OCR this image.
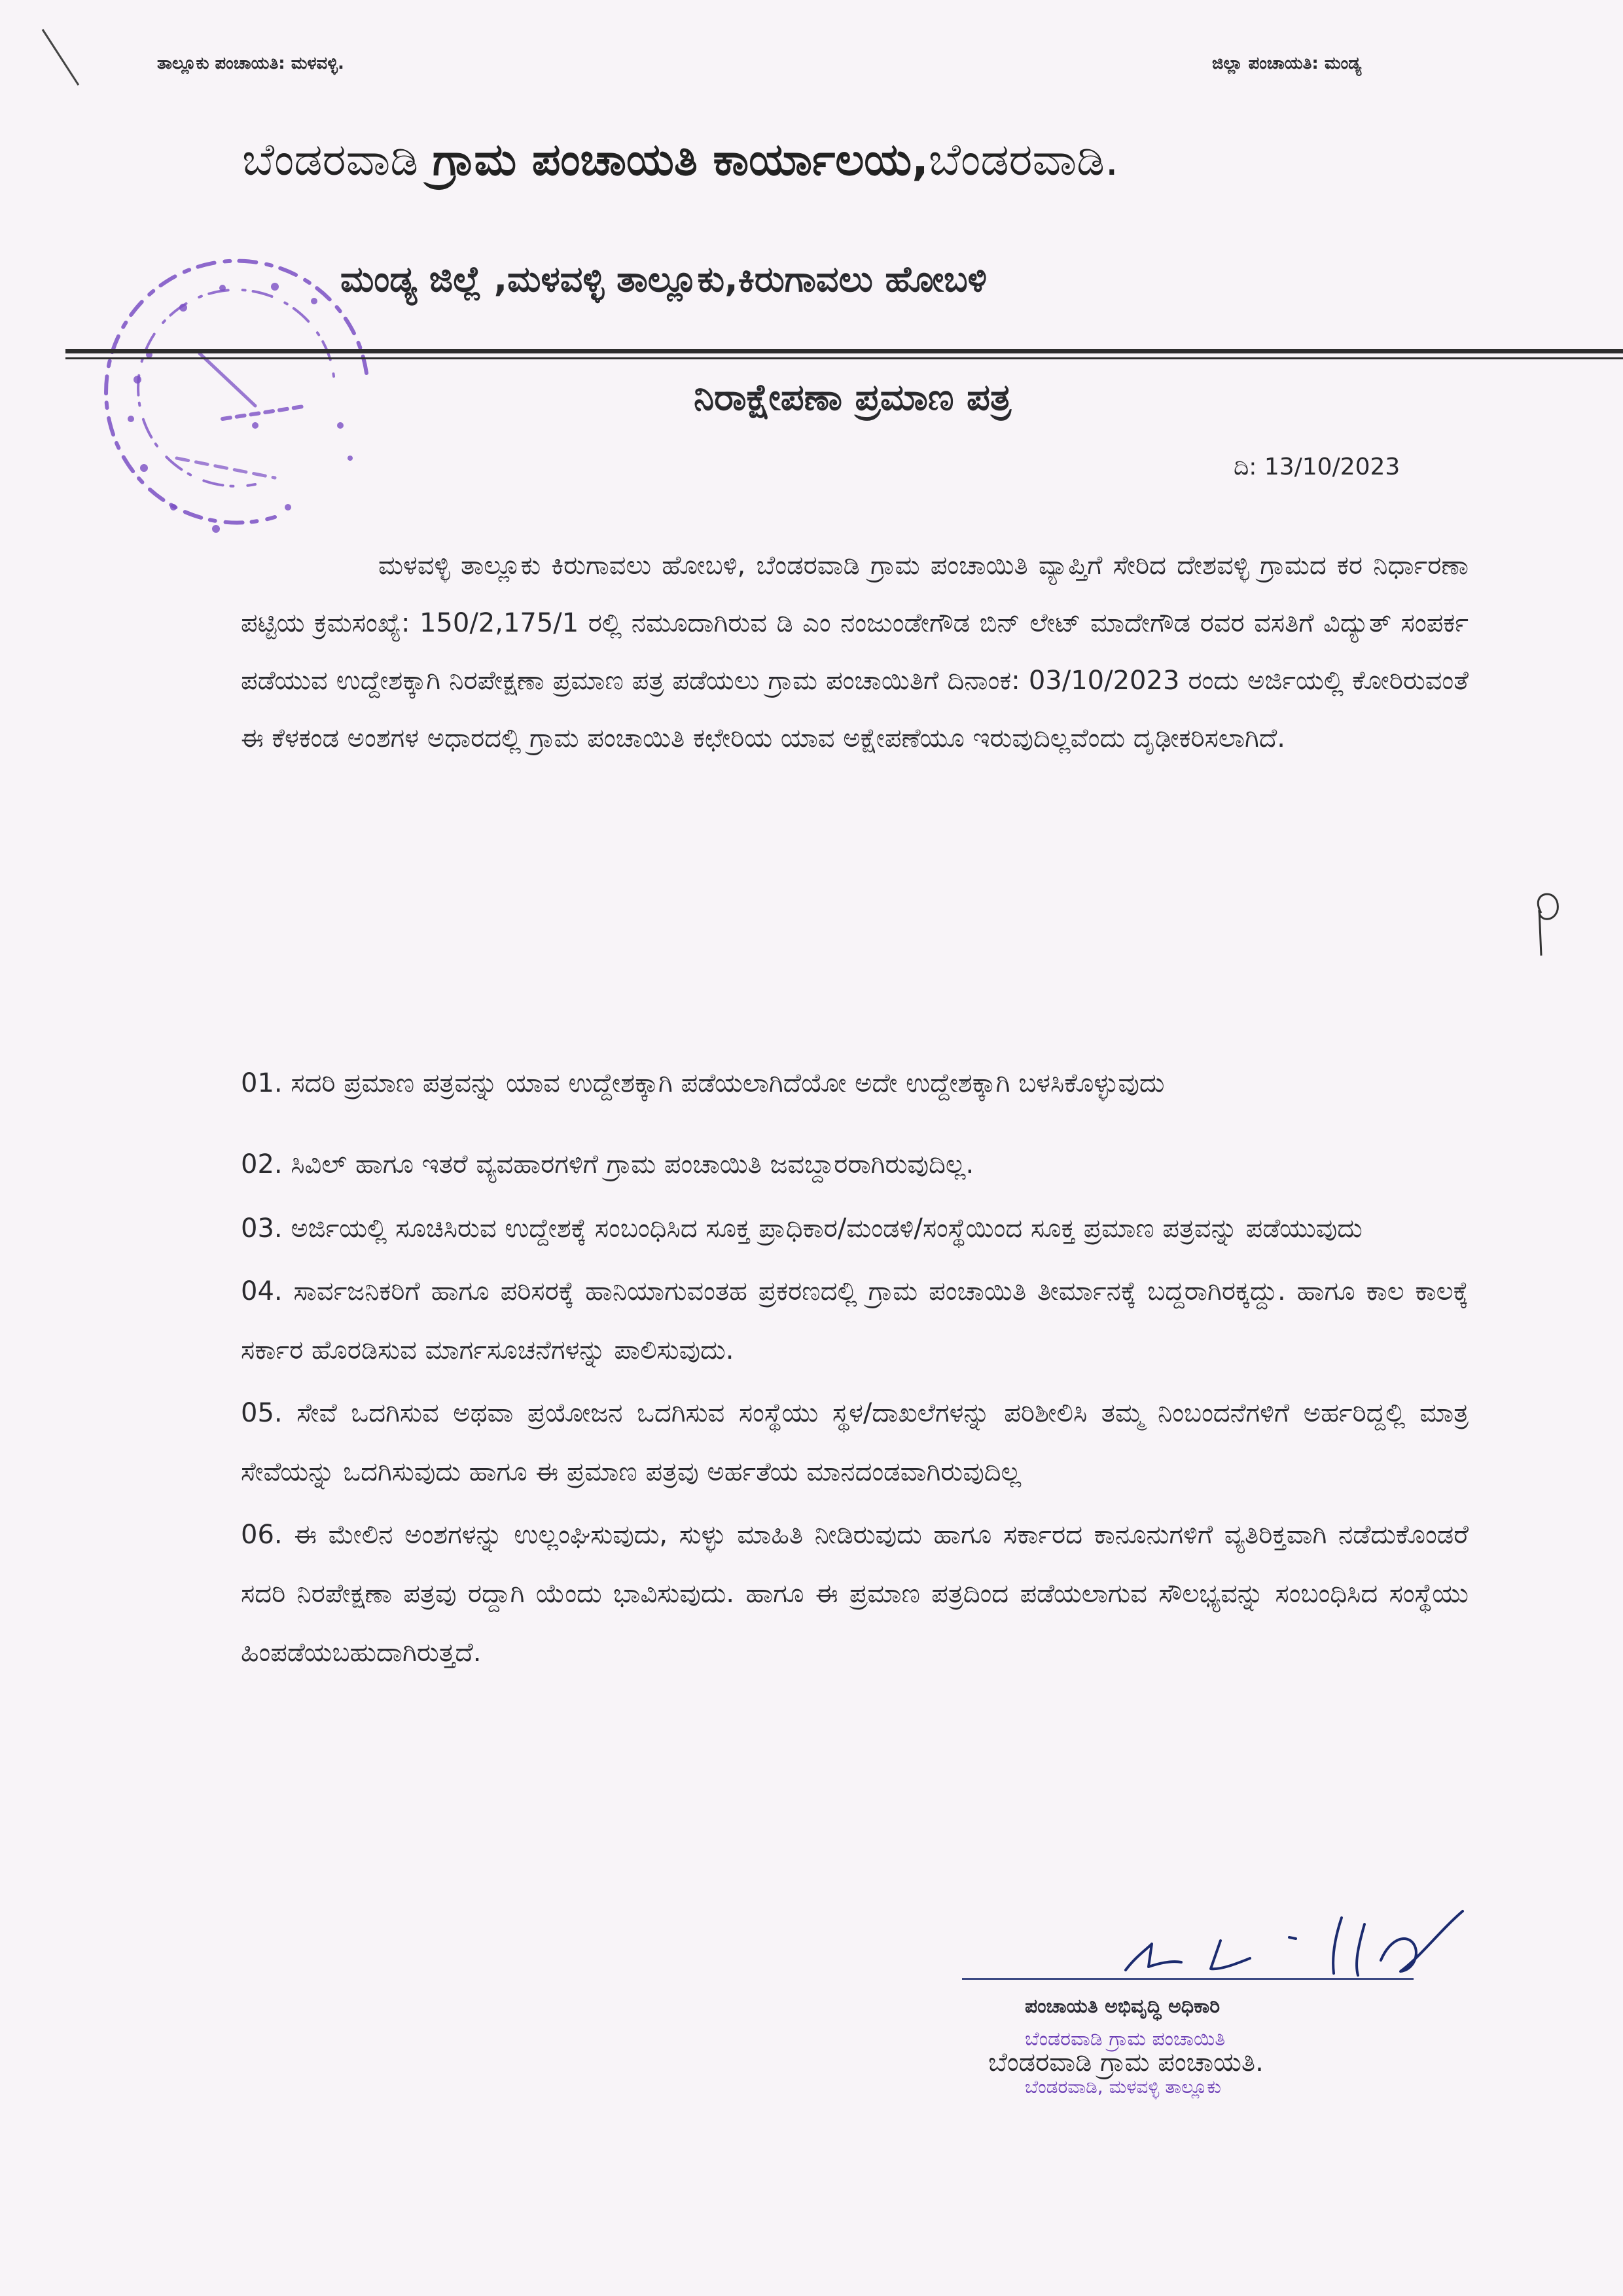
ತಾಲ್ಲೂಕು ಪಂಚಾಯತಿ: ಮಳವಳ್ಳಿ.	ಜಿಲ್ಲಾ ಪಂಚಾಯತಿ: ಮಂಡ್ಯ
ಬೆಂಡರವಾಡಿ ಗ್ರಾಮ ಪಂಚಾಯತಿ ಕಾರ್ಯಾಲಯ,ಬೆಂಡರವಾಡಿ.
ಮಂಡ್ಯ ಜಿಲ್ಲೆ ,ಮಳವಳ್ಳಿ ತಾಲ್ಲೂಕು,ಕಿರುಗಾವಲು ಹೋಬಳಿ
ನಿರಾಕ್ಷೇಪಣಾ ಪ್ರಮಾಣ ಪತ್ರ
ದಿ: 13/10/2023

ಮಳವಳ್ಳಿ ತಾಲ್ಲೂಕು ಕಿರುಗಾವಲು ಹೋಬಳಿ, ಬೆಂಡರವಾಡಿ ಗ್ರಾಮ ಪಂಚಾಯಿತಿ ವ್ಯಾಪ್ತಿಗೆ ಸೇರಿದ ದೇಶವಳ್ಳಿ ಗ್ರಾಮದ ಕರ ನಿರ್ಧಾರಣಾ ಪಟ್ಟಿಯ ಕ್ರಮಸಂಖ್ಯೆ: 150/2,175/1 ರಲ್ಲಿ ನಮೂದಾಗಿರುವ ಡಿ ಎಂ ನಂಜುಂಡೇಗೌಡ ಬಿನ್ ಲೇಟ್ ಮಾದೇಗೌಡ ರವರ ವಸತಿಗೆ ವಿದ್ಯುತ್ ಸಂಪರ್ಕ ಪಡೆಯುವ ಉದ್ದೇಶಕ್ಕಾಗಿ ನಿರಪೇಕ್ಷಣಾ ಪ್ರಮಾಣ ಪತ್ರ ಪಡೆಯಲು ಗ್ರಾಮ ಪಂಚಾಯಿತಿಗೆ ದಿನಾಂಕ: 03/10/2023 ರಂದು ಅರ್ಜಿಯಲ್ಲಿ ಕೋರಿರುವಂತೆ ಈ ಕೆಳಕಂಡ ಅಂಶಗಳ ಅಧಾರದಲ್ಲಿ ಗ್ರಾಮ ಪಂಚಾಯಿತಿ ಕಛೇರಿಯ ಯಾವ ಅಕ್ಷೇಪಣೆಯೂ ಇರುವುದಿಲ್ಲವೆಂದು ದೃಢೀಕರಿಸಲಾಗಿದೆ.

01. ಸದರಿ ಪ್ರಮಾಣ ಪತ್ರವನ್ನು ಯಾವ ಉದ್ದೇಶಕ್ಕಾಗಿ ಪಡೆಯಲಾಗಿದೆಯೋ ಅದೇ ಉದ್ದೇಶಕ್ಕಾಗಿ ಬಳಸಿಕೊಳ್ಳುವುದು

02. ಸಿವಿಲ್ ಹಾಗೂ ಇತರೆ ವ್ಯವಹಾರಗಳಿಗೆ ಗ್ರಾಮ ಪಂಚಾಯಿತಿ ಜವಬ್ದಾರರಾಗಿರುವುದಿಲ್ಲ.

03. ಅರ್ಜಿಯಲ್ಲಿ ಸೂಚಿಸಿರುವ ಉದ್ದೇಶಕ್ಕೆ ಸಂಬಂಧಿಸಿದ ಸೂಕ್ತ ಪ್ರಾಧಿಕಾರ/ಮಂಡಳಿ/ಸಂಸ್ಥೆಯಿಂದ ಸೂಕ್ತ ಪ್ರಮಾಣ ಪತ್ರವನ್ನು ಪಡೆಯುವುದು

04. ಸಾರ್ವಜನಿಕರಿಗೆ ಹಾಗೂ ಪರಿಸರಕ್ಕೆ ಹಾನಿಯಾಗುವಂತಹ ಪ್ರಕರಣದಲ್ಲಿ ಗ್ರಾಮ ಪಂಚಾಯಿತಿ ತೀರ್ಮಾನಕ್ಕೆ ಬದ್ದರಾಗಿರಕ್ಕದ್ದು. ಹಾಗೂ ಕಾಲ ಕಾಲಕ್ಕೆ ಸರ್ಕಾರ ಹೊರಡಿಸುವ ಮಾರ್ಗಸೂಚನೆಗಳನ್ನು ಪಾಲಿಸುವುದು.

05. ಸೇವೆ ಒದಗಿಸುವ ಅಥವಾ ಪ್ರಯೋಜನ ಒದಗಿಸುವ ಸಂಸ್ಥೆಯು ಸ್ಥಳ/ದಾಖಲೆಗಳನ್ನು ಪರಿಶೀಲಿಸಿ ತಮ್ಮ ನಿಂಬಂದನೆಗಳಿಗೆ ಅರ್ಹರಿದ್ದಲ್ಲಿ ಮಾತ್ರ ಸೇವೆಯನ್ನು ಒದಗಿಸುವುದು ಹಾಗೂ ಈ ಪ್ರಮಾಣ ಪತ್ರವು ಅರ್ಹತೆಯ ಮಾನದಂಡವಾಗಿರುವುದಿಲ್ಲ

06. ಈ ಮೇಲಿನ ಅಂಶಗಳನ್ನು ಉಲ್ಲಂಘಿಸುವುದು, ಸುಳ್ಳು ಮಾಹಿತಿ ನೀಡಿರುವುದು ಹಾಗೂ ಸರ್ಕಾರದ ಕಾನೂನುಗಳಿಗೆ ವ್ಯತಿರಿಕ್ತವಾಗಿ ನಡೆದುಕೊಂಡರೆ ಸದರಿ ನಿರಪೇಕ್ಷಣಾ ಪತ್ರವು ರದ್ದಾಗಿ ಯೆಂದು ಭಾವಿಸುವುದು. ಹಾಗೂ ಈ ಪ್ರಮಾಣ ಪತ್ರದಿಂದ ಪಡೆಯಲಾಗುವ ಸೌಲಭ್ಯವನ್ನು ಸಂಬಂಧಿಸಿದ ಸಂಸ್ಥೆಯು ಹಿಂಪಡೆಯಬಹುದಾಗಿರುತ್ತದೆ.

ಪಂಚಾಯತಿ ಅಭಿವೃದ್ಧಿ ಅಧಿಕಾರಿ
ಬೆಂಡರವಾಡಿ ಗ್ರಾಮ ಪಂಚಾಯಿತಿ
ಬೆಂಡರವಾಡಿ ಗ್ರಾಮ ಪಂಚಾಯತಿ.
ಬೆಂಡರವಾಡಿ, ಮಳವಳ್ಳಿ ತಾಲ್ಲೂಕು
